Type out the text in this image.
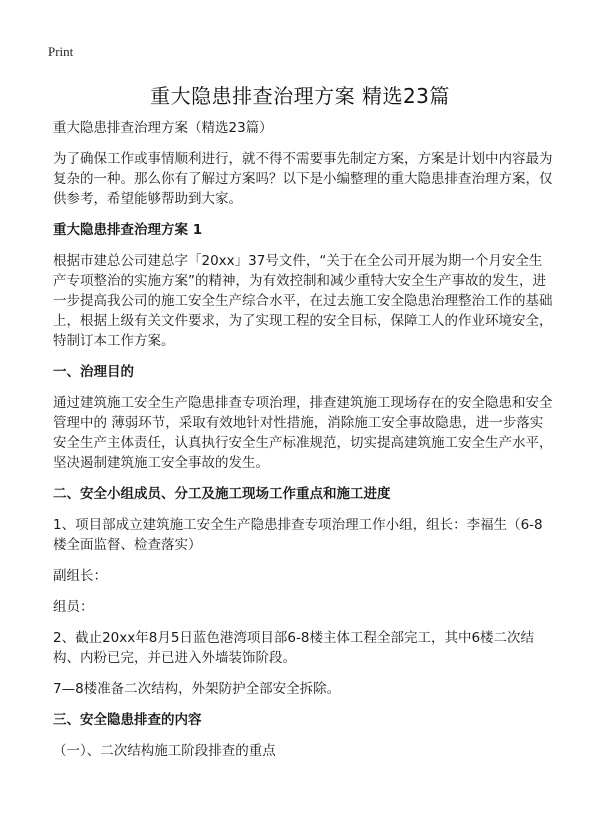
Print
重大隐患排查治理方案 精选23篇

重大隐患排查治理方案（精选23篇）

为了确保工作或事情顺利进行，就不得不需要事先制定方案，方案是计划中内容最为复杂的一种。那么你有了解过方案吗？以下是小编整理的重大隐患排查治理方案，仅供参考，希望能够帮助到大家。

重大隐患排查治理方案 1

根据市建总公司建总字「20xx」37号文件，“关于在全公司开展为期一个月安全生产专项整治的实施方案”的精神，为有效控制和减少重特大安全生产事故的发生，进一步提高我公司的施工安全生产综合水平，在过去施工安全隐患治理整治工作的基础上，根据上级有关文件要求，为了实现工程的安全目标，保障工人的作业环境安全，特制订本工作方案。

一、治理目的

通过建筑施工安全生产隐患排查专项治理，排查建筑施工现场存在的安全隐患和安全管理中的 薄弱环节，采取有效地针对性措施，消除施工安全事故隐患，进一步落实安全生产主体责任，认真执行安全生产标准规范，切实提高建筑施工安全生产水平，坚决遏制建筑施工安全事故的发生。

二、安全小组成员、分工及施工现场工作重点和施工进度

1、项目部成立建筑施工安全生产隐患排查专项治理工作小组，组长：李福生（6-8楼全面监督、检查落实）

副组长：

组员：

2、截止20xx年8月5日蓝色港湾项目部6-8楼主体工程全部完工，其中6楼二次结构、内粉已完，并已进入外墙装饰阶段。

7—8楼准备二次结构，外架防护全部安全拆除。

三、安全隐患排查的内容

（一）、二次结构施工阶段排查的重点
